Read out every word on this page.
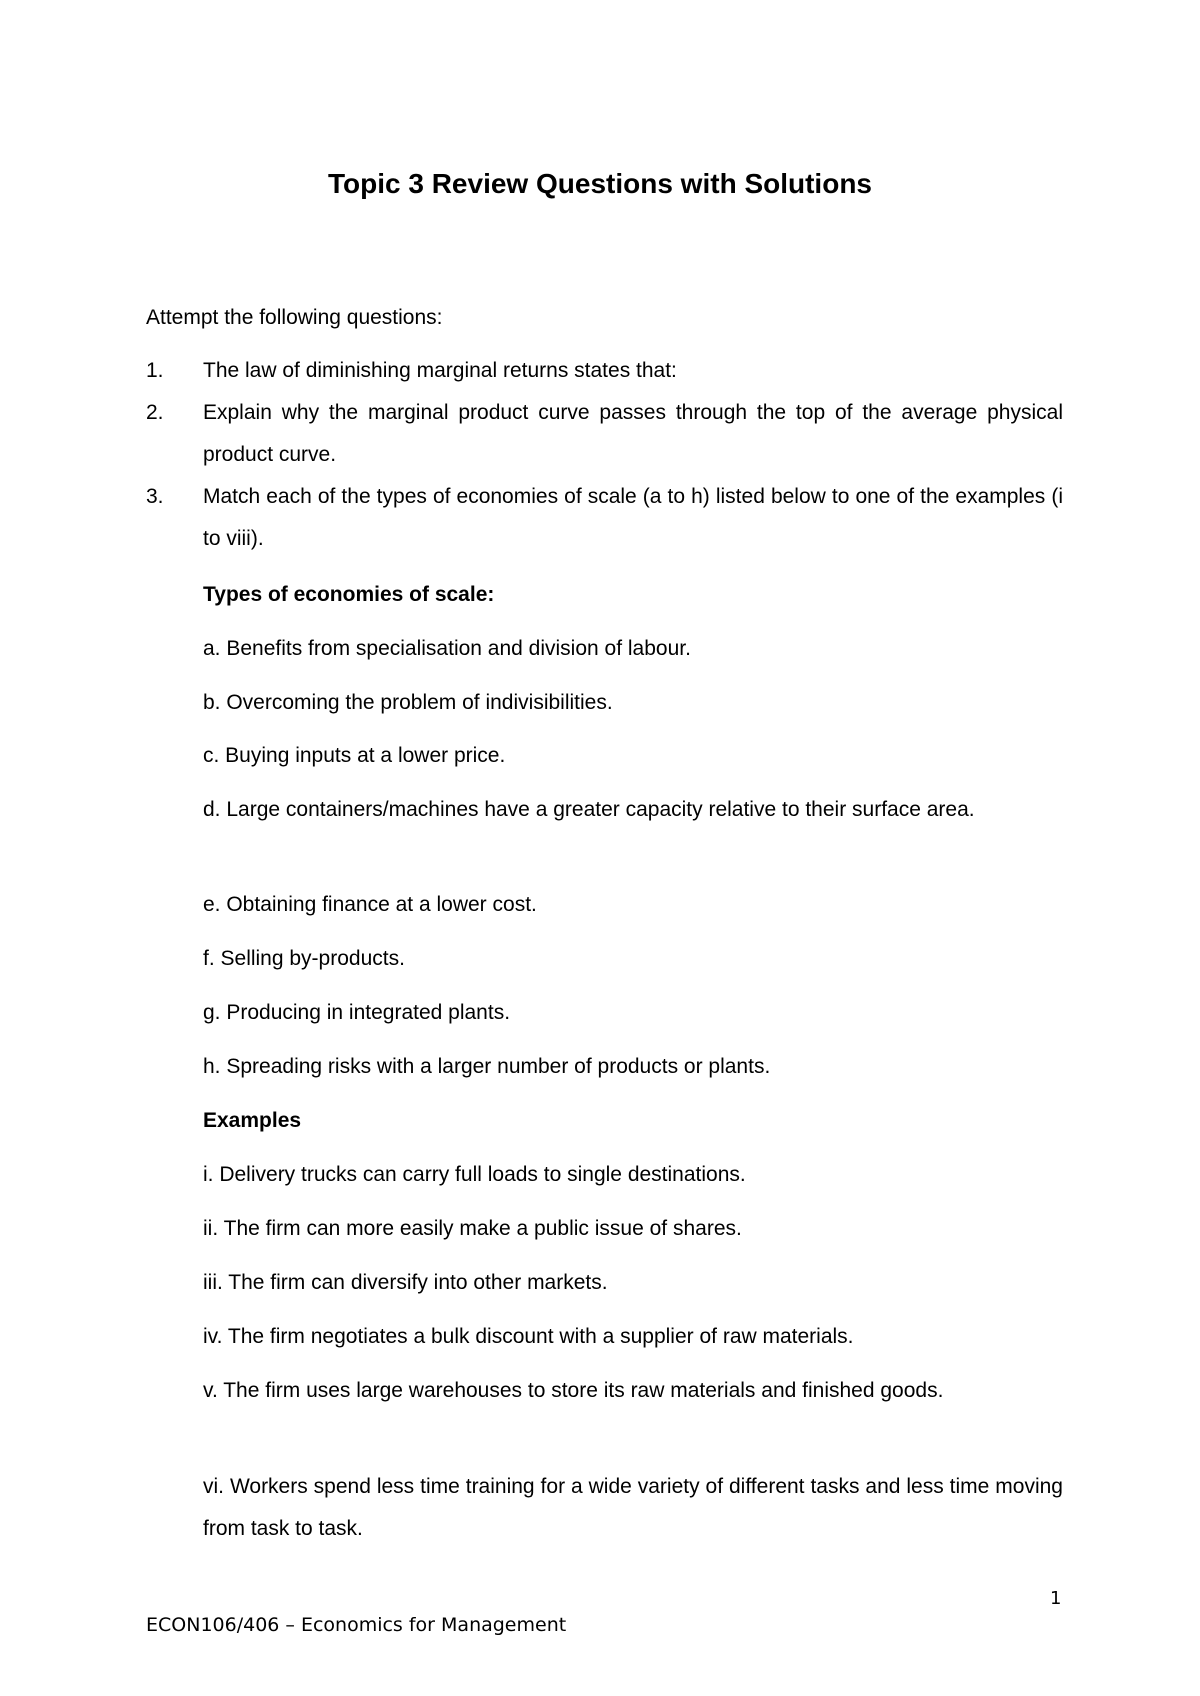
Topic 3 Review Questions with Solutions
Attempt the following questions:
1. The law of diminishing marginal returns states that:
2. Explain why the marginal product curve passes through the top of the average physical product curve.
3. Match each of the types of economies of scale (a to h) listed below to one of the examples (i to viii).
Types of economies of scale:
a. Benefits from specialisation and division of labour.
b. Overcoming the problem of indivisibilities.
c. Buying inputs at a lower price.
d. Large containers/machines have a greater capacity relative to their surface area.
e. Obtaining finance at a lower cost.
f. Selling by-products.
g. Producing in integrated plants.
h. Spreading risks with a larger number of products or plants.
Examples
i. Delivery trucks can carry full loads to single destinations.
ii. The firm can more easily make a public issue of shares.
iii. The firm can diversify into other markets.
iv. The firm negotiates a bulk discount with a supplier of raw materials.
v. The firm uses large warehouses to store its raw materials and finished goods.
vi. Workers spend less time training for a wide variety of different tasks and less time moving from task to task.
1
ECON106/406 – Economics for Management
